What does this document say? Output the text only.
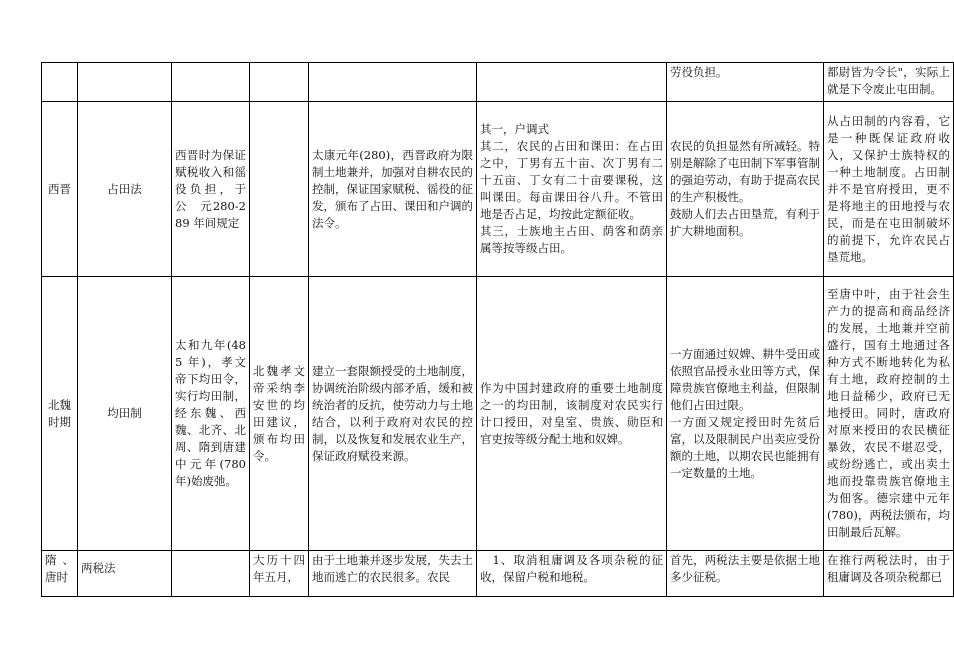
						劳役负担。	都尉皆为令长"，实际上就是下令废止屯田制。

西晋	占田法	西晋时为保证赋税收入和徭役负担，于　公　元280-289 年间规定		太康元年(280)，西晋政府为限制土地兼并，加强对自耕农民的控制，保证国家赋税、徭役的征发，颁布了占田、课田和户调的法令。	其一，户调式
其二，农民的占田和课田：在占田之中，丁男有五十亩、次丁男有二十五亩、丁女有二十亩要课税，这叫课田。每亩课田谷八升。不管田地是否占足，均按此定额征收。
其三，士族地主占田、荫客和荫亲属等按等级占田。	农民的负担显然有所减轻。特别是解除了屯田制下军事管制的强迫劳动，有助于提高农民的生产积极性。
鼓励人们去占田垦荒，有利于扩大耕地面积。	从占田制的内容看，它是一种既保证政府收入，又保护士族特权的一种土地制度。占田制并不是官府授田，更不是将地主的田地授与农民，而是在屯田制破坏的前提下，允许农民占垦荒地。

北魏时期	均田制	太和九年(485 年)，孝文帝下均田令，实行均田制，经东魏、西魏、北齐、北周、隋到唐建中元年(780 年)始废弛。	北魏孝文帝采纳李安世的均田建议，颁布均田令。	建立一套限额授受的土地制度，协调统治阶级内部矛盾，缓和被统治者的反抗，使劳动力与土地结合，以利于政府对农民的控制，以及恢复和发展农业生产，保证政府赋役来源。	作为中国封建政府的重要土地制度之一的均田制，该制度对农民实行计口授田，对皇室、贵族、勋臣和官吏按等级分配土地和奴婢。	一方面通过奴婢、耕牛受田或依照官品授永业田等方式，保障贵族官僚地主利益，但限制他们占田过限。
一方面又规定授田时先贫后富，以及限制民户出卖应受份额的土地，以期农民也能拥有一定数量的土地。	至唐中叶，由于社会生产力的提高和商品经济的发展，土地兼并空前盛行，国有土地通过各种方式不断地转化为私有土地，政府控制的土地日益稀少，政府已无地授田。同时，唐政府对原来授田的农民横征暴敛，农民不堪忍受，或纷纷逃亡，或出卖土地而投靠贵族官僚地主为佃客。德宗建中元年(780)，两税法颁布，均田制最后瓦解。

隋、唐时	两税法		大历十四年五月，	由于土地兼并逐步发展，失去土地而逃亡的农民很多。农民	　1、取消租庸调及各项杂税的征收，保留户税和地税。	首先，两税法主要是依据土地多少征税。	在推行两税法时，由于租庸调及各项杂税都已
